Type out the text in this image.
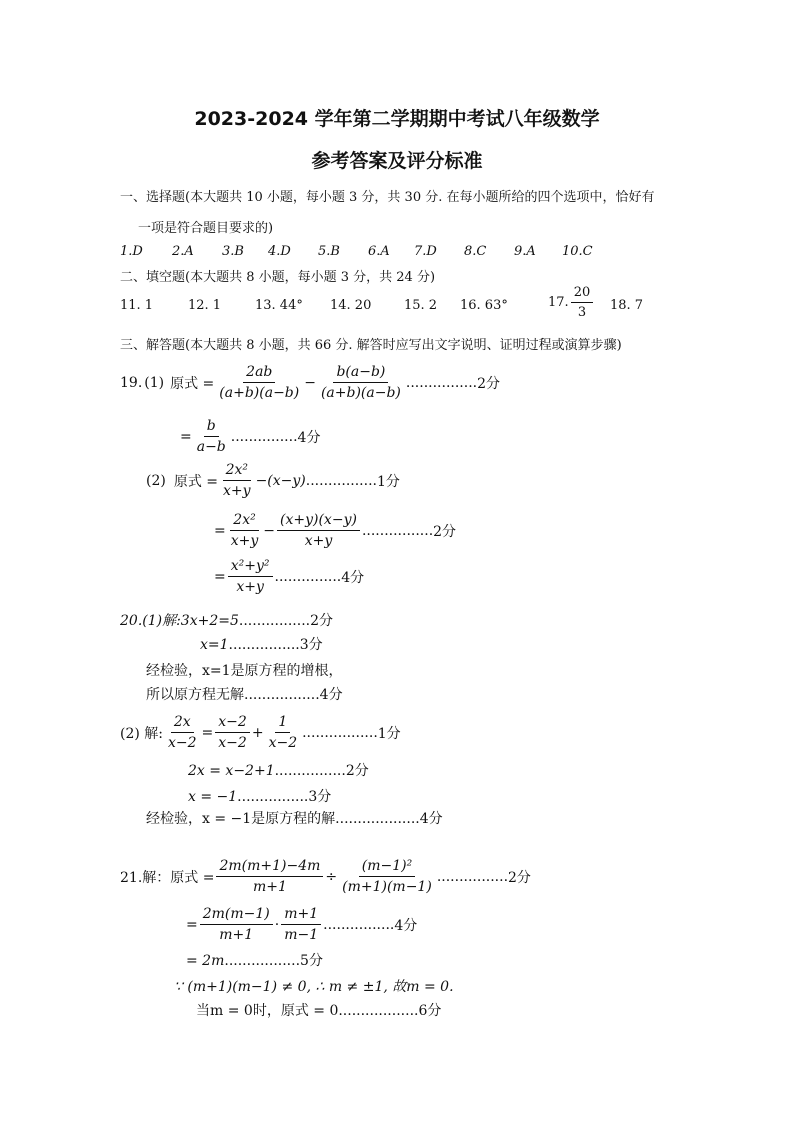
2023-2024 学年第二学期期中考试八年级数学
参考答案及评分标准
一、选择题(本大题共 10 小题，每小题 3 分，共 30 分. 在每小题所给的四个选项中，恰好有
一项是符合题目要求的)
1.D	2.A	3.B	4.D	5.B	6.A	7.D	8.C	9.A	10.C
二、填空题(本大题共 8 小题，每小题 3 分，共 24 分)
11. 1	12. 1	13. 44° 14. 20	15. 2 16. 63°	17. $\frac{20}{3} 18$. 7
三、解答题(本大题共 8 小题，共 66 分. 解答时应写出文字说明、证明过程或演算步骤)
19. (1) 原式 = $\frac{2ab}{(a+b)(a-b)} - \frac{b(a-b)}{(a+b)(a-b)}$ ................ 2分
= $\frac{b}{a-b}$ ............... 4分
(2) 原式 = $\frac{\text{2x²}}{x+y} -(x-y)$ ................ 1分
= $\frac{\text{2x²}}{x+y} - \frac{(x+y)(x-y)}{x+y}$ ................ 2分
= $\frac{\text{x²+y²}}{x+y}$ ............... 4分
20.(1)解:3x+2=5................2分
x=1................3分
经检验，x=1是原方程的增根，
所以原方程无解.................4分
(2) 解: $\frac{2x}{x-2} = \frac{x-2}{x-2} + \frac{1}{x-2}$ ................. 1分
2x = x−2+1................2分
x = −1................3分
经检验，x = −1是原方程的解...................4分
21.解：原式 = $\frac{2m(m+1)-4m}{m+1} \div \frac{\text{(m−1)²}}{(m+1)(m-1)}$ ................ 2分
= $\frac{2m(m-1)}{m+1} \cdot \frac{m+1}{m-1}$ ................ 4分
= 2m.................5分
∵ (m+1)(m−1) ≠ 0, ∴ m ≠ ±1, 故m = 0.
当m = 0时，原式 = 0..................6分
